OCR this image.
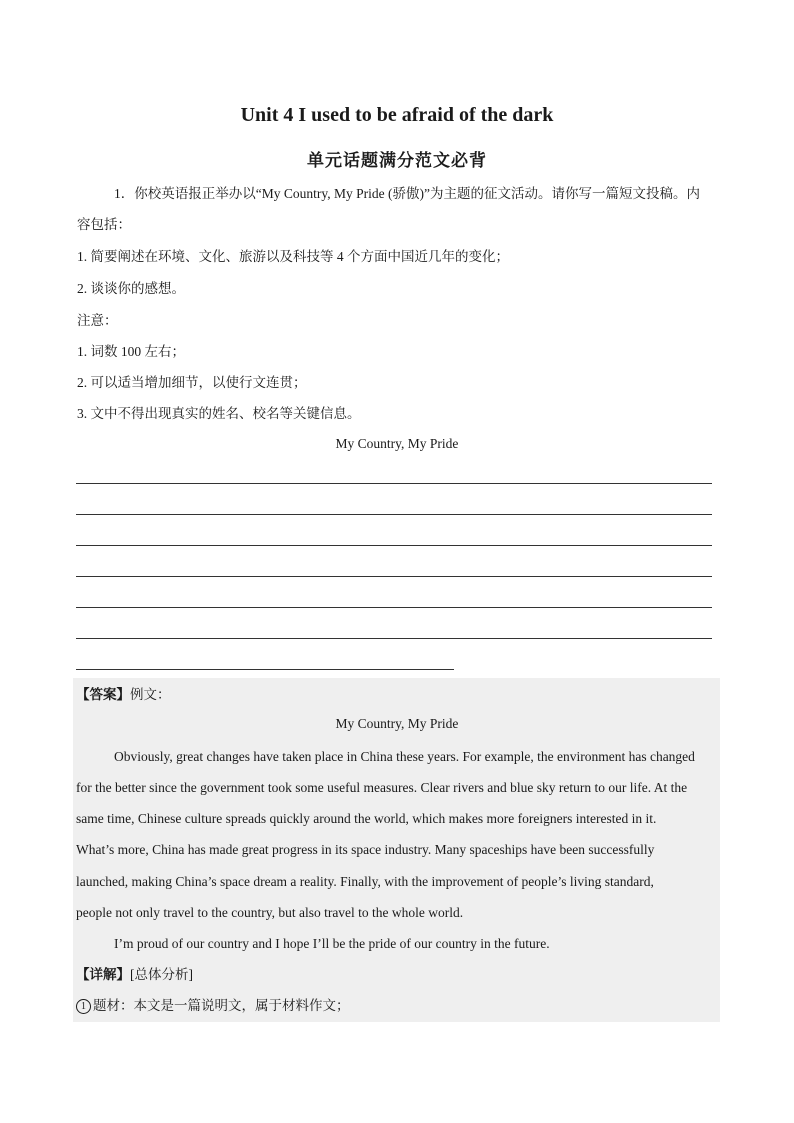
Unit 4 I used to be afraid of the dark
单元话题满分范文必背
1．你校英语报正举办以“My Country, My Pride (骄傲)”为主题的征文活动。请你写一篇短文投稿。内
容包括：
1. 简要阐述在环境、文化、旅游以及科技等 4 个方面中国近几年的变化；
2. 谈谈你的感想。
注意：
1. 词数 100 左右；
2. 可以适当增加细节，以使行文连贯；
3. 文中不得出现真实的姓名、校名等关键信息。
My Country, My Pride
【答案】例文：
My Country, My Pride
Obviously, great changes have taken place in China these years. For example, the environment has changed
for the better since the government took some useful measures. Clear rivers and blue sky return to our life. At the
same time, Chinese culture spreads quickly around the world, which makes more foreigners interested in it.
What’s more, China has made great progress in its space industry. Many spaceships have been successfully
launched, making China’s space dream a reality. Finally, with the improvement of people’s living standard,
people not only travel to the country, but also travel to the whole world.
I’m proud of our country and I hope I’ll be the pride of our country in the future.
【详解】[总体分析]
1 题材：本文是一篇说明文，属于材料作文；
